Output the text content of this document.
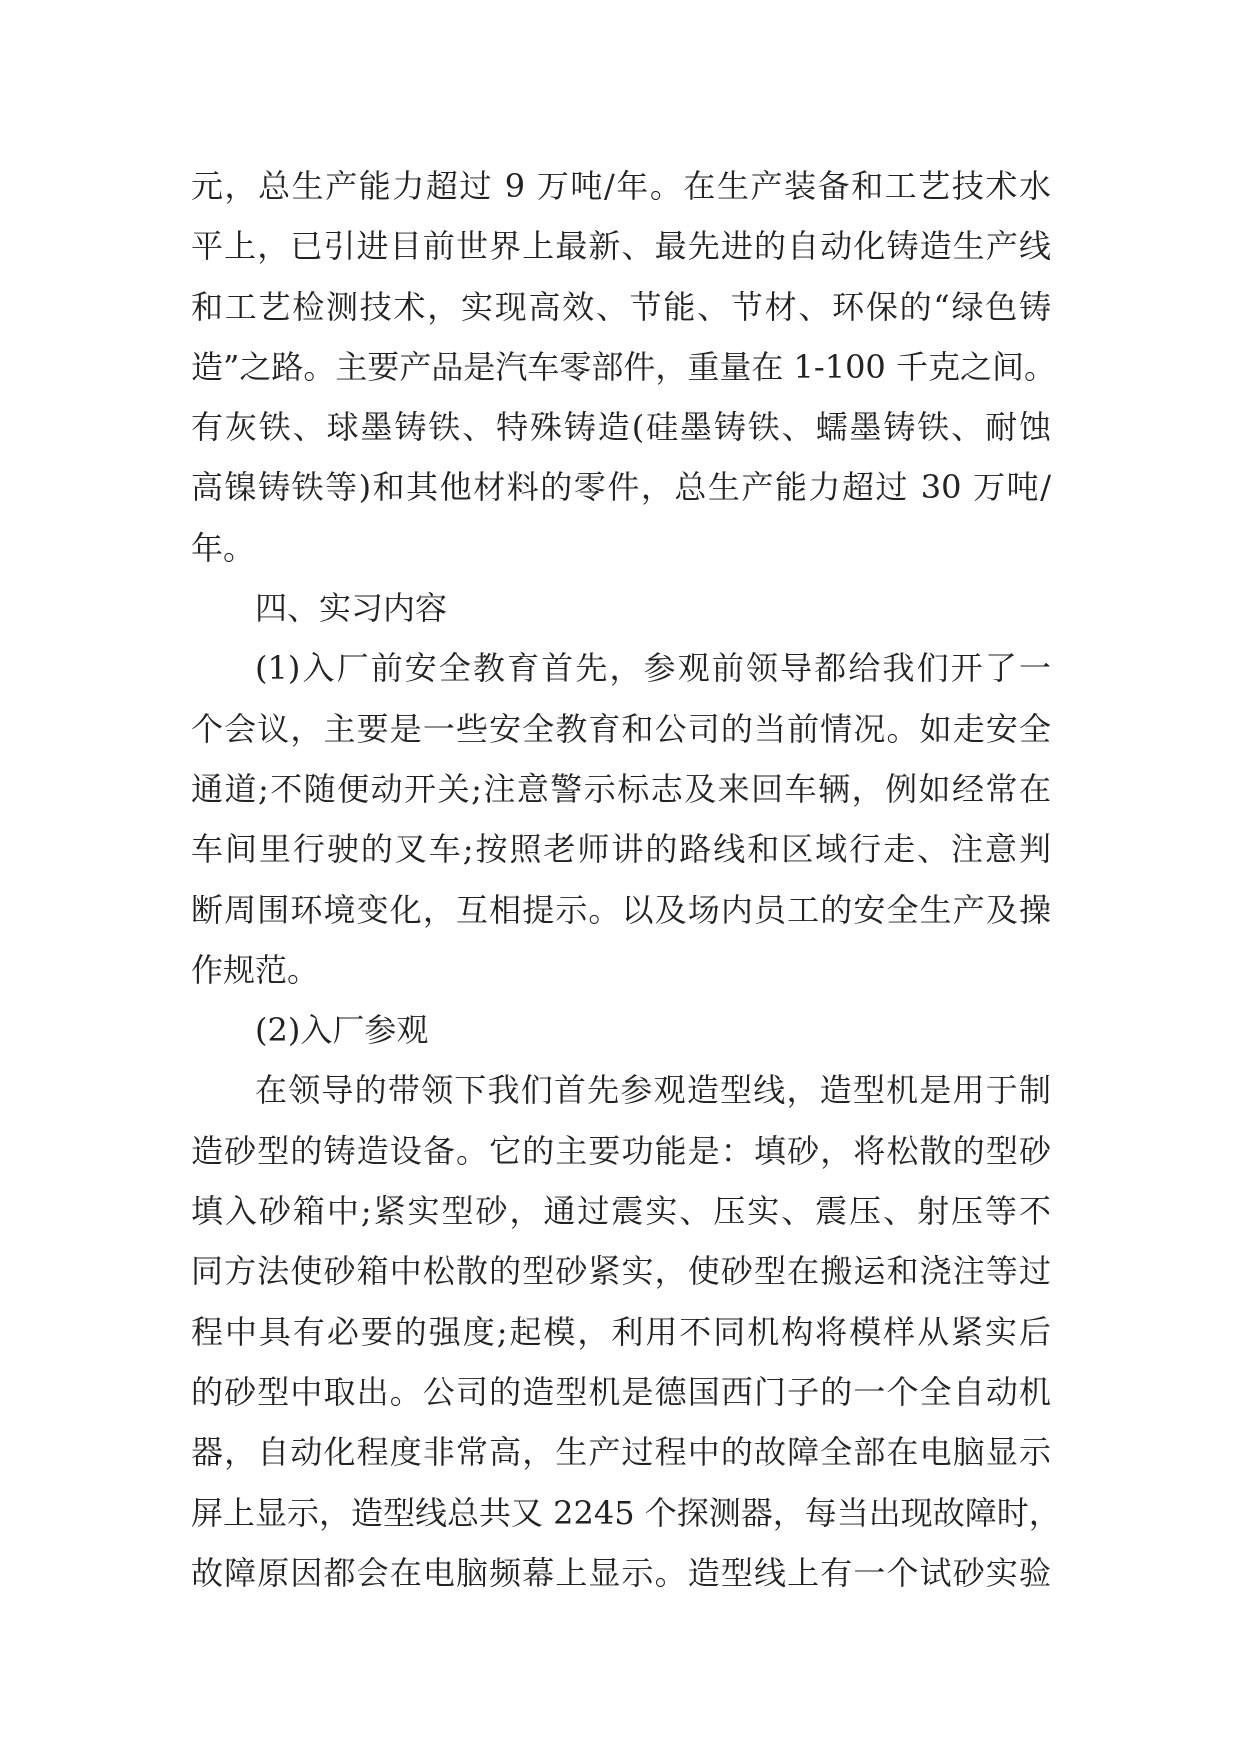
元，总生产能力超过 9 万吨/年。在生产装备和工艺技术水
平上，已引进目前世界上最新、最先进的自动化铸造生产线
和工艺检测技术，实现高效、节能、节材、环保的“绿色铸
造”之路。主要产品是汽车零部件，重量在 1-100 千克之间。
有灰铁、球墨铸铁、特殊铸造(硅墨铸铁、蠕墨铸铁、耐蚀
高镍铸铁等)和其他材料的零件，总生产能力超过 30 万吨/
年。
四、实习内容
(1)入厂前安全教育首先，参观前领导都给我们开了一
个会议，主要是一些安全教育和公司的当前情况。如走安全
通道;不随便动开关;注意警示标志及来回车辆，例如经常在
车间里行驶的叉车;按照老师讲的路线和区域行走、注意判
断周围环境变化，互相提示。以及场内员工的安全生产及操
作规范。
(2)入厂参观
在领导的带领下我们首先参观造型线，造型机是用于制
造砂型的铸造设备。它的主要功能是：填砂，将松散的型砂
填入砂箱中;紧实型砂，通过震实、压实、震压、射压等不
同方法使砂箱中松散的型砂紧实，使砂型在搬运和浇注等过
程中具有必要的强度;起模，利用不同机构将模样从紧实后
的砂型中取出。公司的造型机是德国西门子的一个全自动机
器，自动化程度非常高，生产过程中的故障全部在电脑显示
屏上显示，造型线总共又 2245 个探测器，每当出现故障时，
故障原因都会在电脑频幕上显示。造型线上有一个试砂实验
